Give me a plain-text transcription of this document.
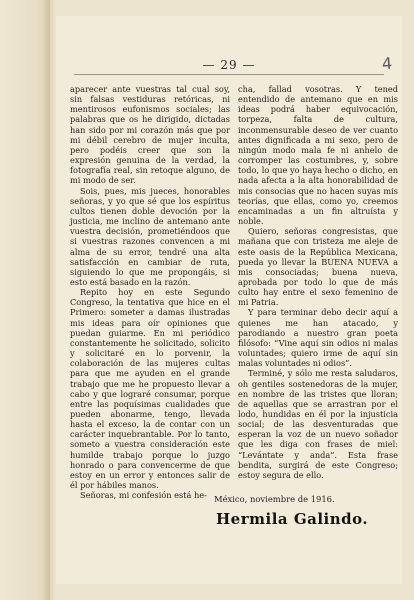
— 29 —	4

aparecer ante vuestras tal cual soy, sin falsas vestiduras retóricas, ni mentirosos eufonismos sociales; las palabras que os he dirigido, dictadas han sido por mi corazón más que por mi débil cerebro de mujer inculta, pero podéis creer que son la expresión genuina de la verdad, la fotografía real, sin retoque alguno, de mi modo de ser.

Sois, pues, mis jueces, honorables señoras, y yo que sé que los espíritus cultos tienen doble devoción por la justicia, me inclino de antemano ante vuestra decisión, prometiéndoos que si vuestras razones convencen a mi alma de su error, tendré una alta satisfacción en cambiar de ruta, siguiendo lo que me propongáis, si esto está basado en la razón.

Repito hoy en este Segundo Congreso, la tentativa que hice en el Primero: someter a damas ilustradas mis ideas para oír opiniones que puedan guiarme. En mi periódico constantemente he solicitado, solicito y solicitaré en lo porvenir, la colaboración de las mujeres cultas para que me ayuden en el grande trabajo que me he propuesto llevar a cabo y que lograré consumar, porque entre las poquísimas cualidades que pueden abonarme, tengo, llevada hasta el exceso, la de contar con un carácter inquebrantable. Por lo tanto, someto a vuestra consideración este humilde trabajo porque lo juzgo honrado o para convencerme de que estoy en un error y entonces salir de él por hábiles manos.

Señoras, mi confesión está he-

cha, fallad vosotras. Y tened entendido de antemano que en mis ideas podrá haber equivocación, torpeza, falta de cultura, inconmensurable deseo de ver cuanto antes dignificada a mi sexo, pero de ningún modo mala fe ni anhelo de corromper las costumbres, y, sobre todo, lo que yo haya hecho o dicho, en nada afecta a la alta honorabilidad de mis consocias que no hacen suyas mis teorías, que ellas, como yo, creemos encaminadas a un fin altruísta y noble.

Quiero, señoras congresistas, que mañana que con tristeza me aleje de este oasis de la República Mexicana, pueda yo llevar la BUENA NUEVA a mis consociadas; buena nueva, aprobada por todo lo que de más culto hay entre el sexo femenino de mi Patria.

Y para terminar debo decir aquí a quienes me han atacado, y parodiando a nuestro gran poeta filósofo: “Vine aquí sin odios ni malas voluntades; quiero irme de aquí sin malas voluntades ni odios”.

Terminé, y sólo me resta saludaros, oh gentiles sostenedoras de la mujer, en nombre de las tristes que lloran; de aquellas que se arrastran por el lodo, hundidas en él por la injusticia social; de las desventuradas que esperan la voz de un nuevo soñador que les diga con frases de miel: “Levántate y anda”. Esta frase bendita, surgirá de este Congreso; estoy segura de ello.

México, noviembre de 1916.
Hermila Galindo.
